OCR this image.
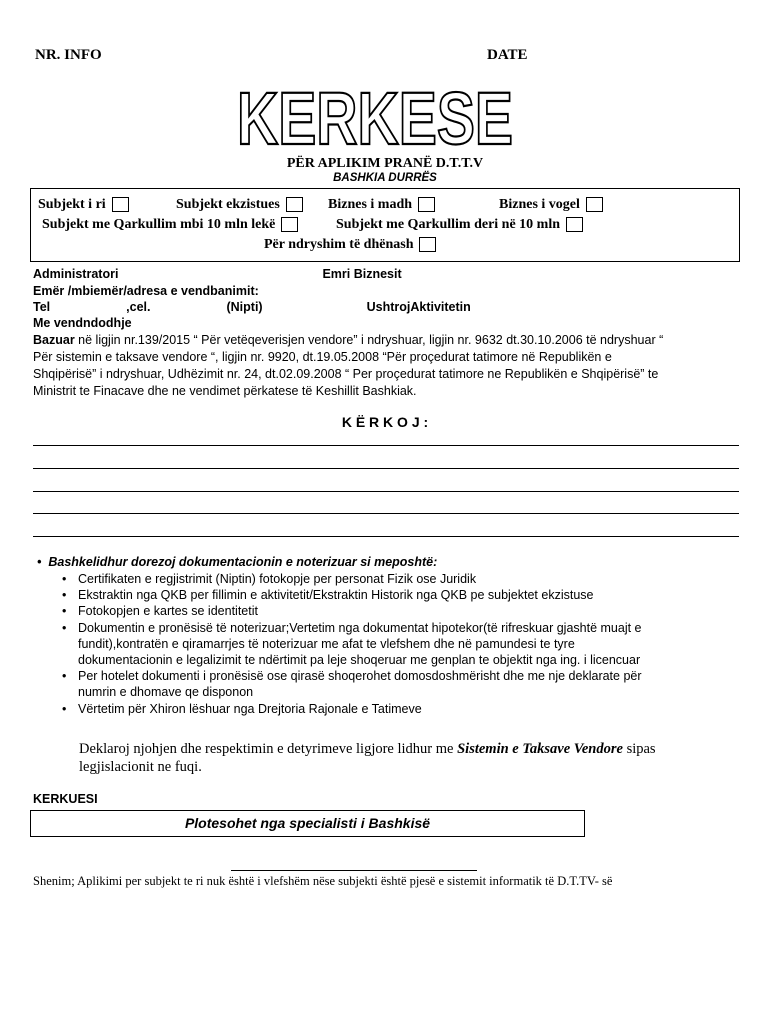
NR. INFO	DATE
KERKESE
PËR APLIKIM PRANË D.T.T.V
BASHKIA DURRËS
Subjekt i ri	Subjekt ekzistues	Biznes i madh	Biznes i vogel
Subjekt me Qarkullim mbi 10 mln lekë	Subjekt me Qarkullim deri në 10 mln
Për ndryshim të dhënash
Administratori	Emri Biznesit
Emër /mbiemër/adresa e vendbanimit:
Tel	,cel.	(Nipti)	UshtrojAktivitetin
Me vendndodhje
Bazuar në ligjin nr.139/2015 “ Për vetëqeverisjen vendore” i ndryshuar, ligjin nr. 9632 dt.30.10.2006 të ndryshuar “
Për sistemin e taksave vendore “, ligjin nr. 9920, dt.19.05.2008 “Për proçedurat tatimore në Republikën e
Shqipërisë” i ndryshuar, Udhëzimit nr. 24, dt.02.09.2008 “ Per proçedurat tatimore ne Republikën e Shqipërisë” te
Ministrit te Finacave dhe ne vendimet përkatese të Keshillit Bashkiak.
K Ë R K O J :
• Bashkelidhur dorezoj dokumentacionin e noterizuar si meposhtë:
• Certifikaten e regjistrimit (Niptin) fotokopje per personat Fizik ose Juridik
• Ekstraktin nga QKB per fillimin e aktivitetit/Ekstraktin Historik nga QKB pe subjektet ekzistuse
• Fotokopjen e kartes se identitetit
• Dokumentin e pronësisë të noterizuar;Vertetim nga dokumentat hipotekor(të rifreskuar gjashtë muajt e
fundit),kontratën e qiramarrjes të noterizuar me afat te vlefshem dhe në pamundesi te tyre
dokumentacionin e legalizimit te ndërtimit pa leje shoqeruar me genplan te objektit nga ing. i licencuar
• Per hotelet dokumenti i pronësisë ose qirasë shoqerohet domosdoshmërisht dhe me nje deklarate për
numrin e dhomave qe disponon
• Vërtetim për Xhiron lëshuar nga Drejtoria Rajonale e Tatimeve
Deklaroj njohjen dhe respektimin e detyrimeve ligjore lidhur me Sistemin e Taksave Vendore sipas
legjislacionit ne fuqi.
KERKUESI
Plotesohet nga specialisti i Bashkisë
Shenim; Aplikimi per subjekt te ri nuk është i vlefshëm nëse subjekti është pjesë e sistemit informatik të D.T.TV- së
